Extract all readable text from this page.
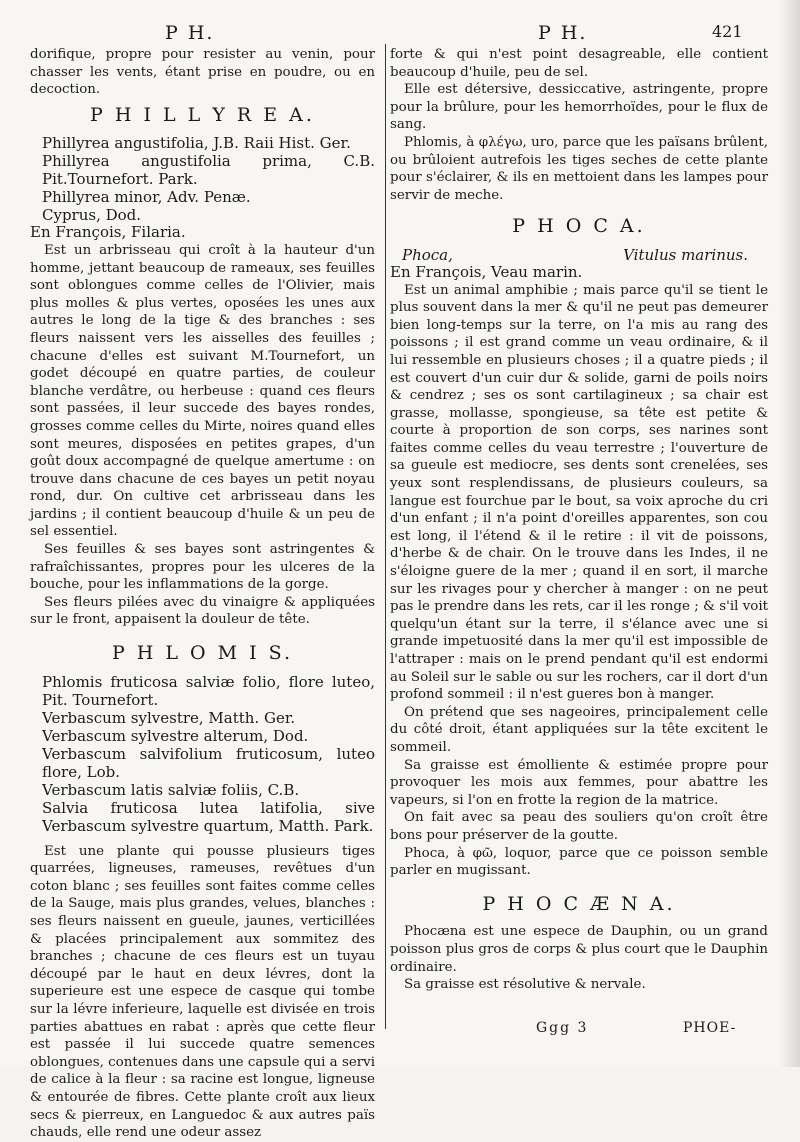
P H.	P H.	421

dorifique, propre pour resister au venin, pour chasser les vents, étant prise en poudre, ou en decoction.

P H I L L Y R E A.

Phillyrea angustifolia, J.B. Raii Hist. Ger.

Phillyrea angustifolia prima, C.B. Pit.Tournefort. Park.

Phillyrea minor, Adv. Penæ.

Cyprus, Dod.

En François, Filaria.

Est un arbrisseau qui croît à la hauteur d'un homme, jettant beaucoup de rameaux, ses feuilles sont oblongues comme celles de l'Olivier, mais plus molles & plus vertes, oposées les unes aux autres le long de la tige & des branches : ses fleurs naissent vers les aisselles des feuilles ; chacune d'elles est suivant M.Tournefort, un godet découpé en quatre parties, de couleur blanche verdâtre, ou herbeuse : quand ces fleurs sont passées, il leur succede des bayes rondes, grosses comme celles du Mirte, noires quand elles sont meures, disposées en petites grapes, d'un goût doux accompagné de quelque amertume : on trouve dans chacune de ces bayes un petit noyau rond, dur. On cultive cet arbrisseau dans les jardins ; il contient beaucoup d'huile & un peu de sel essentiel.

Ses feuilles & ses bayes sont astringentes & rafraîchissantes, propres pour les ulceres de la bouche, pour les inflammations de la gorge.

Ses fleurs pilées avec du vinaigre & appliquées sur le front, appaisent la douleur de tête.

P H L O M I S.

Phlomis fruticosa salviæ folio, flore luteo, Pit. Tournefort.

Verbascum sylvestre, Matth. Ger.

Verbascum sylvestre alterum, Dod.

Verbascum salvifolium fruticosum, luteo flore, Lob.

Verbascum latis salviæ foliis, C.B.

Salvia fruticosa lutea latifolia, sive Verbascum sylvestre quartum, Matth. Park.

Est une plante qui pousse plusieurs tiges quarrées, ligneuses, rameuses, revêtues d'un coton blanc ; ses feuilles sont faites comme celles de la Sauge, mais plus grandes, velues, blanches : ses fleurs naissent en gueule, jaunes, verticillées & placées principalement aux sommitez des branches ; chacune de ces fleurs est un tuyau découpé par le haut en deux lévres, dont la superieure est une espece de casque qui tombe sur la lévre inferieure, laquelle est divisée en trois parties abattues en rabat : après que cette fleur est passée il lui succede quatre semences oblongues, contenues dans une capsule qui a servi de calice à la fleur : sa racine est longue, ligneuse & entourée de fibres. Cette plante croît aux lieux secs & pierreux, en Languedoc & aux autres païs chauds, elle rend une odeur assez

forte & qui n'est point desagreable, elle contient beaucoup d'huile, peu de sel.

Elle est détersive, dessiccative, astringente, propre pour la brûlure, pour les hemorrhoïdes, pour le flux de sang.

Phlomis, à φλέγω, uro, parce que les païsans brûlent, ou brûloient autrefois les tiges seches de cette plante pour s'éclairer, & ils en mettoient dans les lampes pour servir de meche.

P H O C A.

Phoca,	Vitulus marinus.

En François, Veau marin.

Est un animal amphibie ; mais parce qu'il se tient le plus souvent dans la mer & qu'il ne peut pas demeurer bien long-temps sur la terre, on l'a mis au rang des poissons ; il est grand comme un veau ordinaire, & il lui ressemble en plusieurs choses ; il a quatre pieds ; il est couvert d'un cuir dur & solide, garni de poils noirs & cendrez ; ses os sont cartilagineux ; sa chair est grasse, mollasse, spongieuse, sa tête est petite & courte à proportion de son corps, ses narines sont faites comme celles du veau terrestre ; l'ouverture de sa gueule est mediocre, ses dents sont crenelées, ses yeux sont resplendissans, de plusieurs couleurs, sa langue est fourchue par le bout, sa voix aproche du cri d'un enfant ; il n'a point d'oreilles apparentes, son cou est long, il l'étend & il le retire : il vit de poissons, d'herbe & de chair. On le trouve dans les Indes, il ne s'éloigne guere de la mer ; quand il en sort, il marche sur les rivages pour y chercher à manger : on ne peut pas le prendre dans les rets, car il les ronge ; & s'il voit quelqu'un étant sur la terre, il s'élance avec une si grande impetuosité dans la mer qu'il est impossible de l'attraper : mais on le prend pendant qu'il est endormi au Soleil sur le sable ou sur les rochers, car il dort d'un profond sommeil : il n'est gueres bon à manger.

On prétend que ses nageoires, principalement celle du côté droit, étant appliquées sur la tête excitent le sommeil.

Sa graisse est émolliente & estimée propre pour provoquer les mois aux femmes, pour abattre les vapeurs, si l'on en frotte la region de la matrice.

On fait avec sa peau des souliers qu'on croît être bons pour préserver de la goutte.

Phoca, à φῶ, loquor, parce que ce poisson semble parler en mugissant.

P H O C Æ N A.

Phocæna est une espece de Dauphin, ou un grand poisson plus gros de corps & plus court que le Dauphin ordinaire.

Sa graisse est résolutive & nervale.

Ggg 3	PHOE-
